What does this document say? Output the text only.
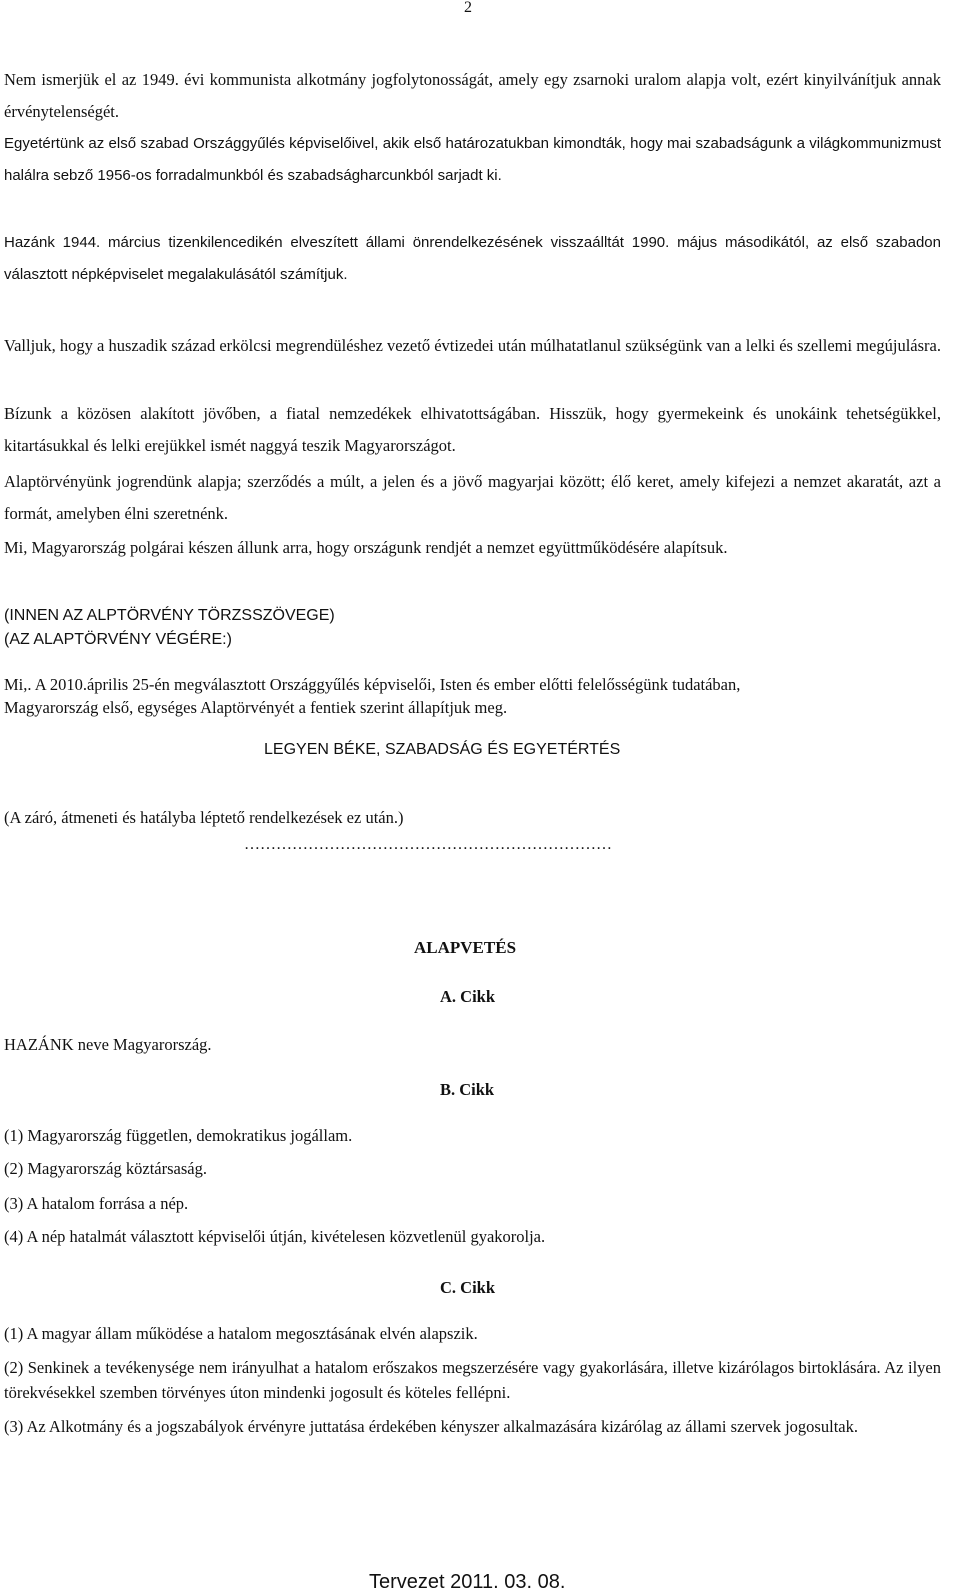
2

Nem ismerjük el az 1949. évi kommunista alkotmány jogfolytonosságát, amely egy zsarnoki uralom alapja volt, ezért kinyilvánítjuk annak érvénytelenségét.

Egyetértünk az első szabad Országgyűlés képviselőivel, akik első határozatukban kimondták, hogy mai szabadságunk a világkommunizmust halálra sebző 1956-os forradalmunkból és szabadságharcunkból sarjadt ki.

Hazánk 1944. március tizenkilencedikén elveszített állami önrendelkezésének visszaálltát 1990. május másodikától, az első szabadon választott népképviselet megalakulásától számítjuk.

Valljuk, hogy a huszadik század erkölcsi megrendüléshez vezető évtizedei után múlhatatlanul szükségünk van a lelki és szellemi megújulásra.

Bízunk a közösen alakított jövőben, a fiatal nemzedékek elhivatottságában. Hisszük, hogy gyermekeink és unokáink tehetségükkel, kitartásukkal és lelki erejükkel ismét naggyá teszik Magyarországot.

Alaptörvényünk jogrendünk alapja; szerződés a múlt, a jelen és a jövő magyarjai között; élő keret, amely kifejezi a nemzet akaratát, azt a formát, amelyben élni szeretnénk.

Mi, Magyarország polgárai készen állunk arra, hogy országunk rendjét a nemzet együttműködésére alapítsuk.

(INNEN AZ ALPTÖRVÉNY TÖRZSSZÖVEGE)
(AZ ALAPTÖRVÉNY VÉGÉRE:)
Mi,. A 2010.április 25-én megválasztott Országgyűlés képviselői, Isten és ember előtti felelősségünk tudatában,
Magyarország első, egységes Alaptörvényét a fentiek szerint állapítjuk meg.
LEGYEN BÉKE, SZABADSÁG ÉS EGYETÉRTÉS
(A záró, átmeneti és hatályba léptető rendelkezések ez után.)
……………………………………………………………
ALAPVETÉS
A. Cikk
HAZÁNK neve Magyarország.
B. Cikk
(1) Magyarország független, demokratikus jogállam.
(2) Magyarország köztársaság.
(3) A hatalom forrása a nép.
(4) A nép hatalmát választott képviselői útján, kivételesen közvetlenül gyakorolja.
C. Cikk
(1) A magyar állam működése a hatalom megosztásának elvén alapszik.

(2) Senkinek a tevékenysége nem irányulhat a hatalom erőszakos megszerzésére vagy gyakorlására, illetve kizárólagos birtoklására. Az ilyen törekvésekkel szemben törvényes úton mindenki jogosult és köteles fellépni.

(3) Az Alkotmány és a jogszabályok érvényre juttatása érdekében kényszer alkalmazására kizárólag az állami szervek jogosultak.

Tervezet 2011. 03. 08.
